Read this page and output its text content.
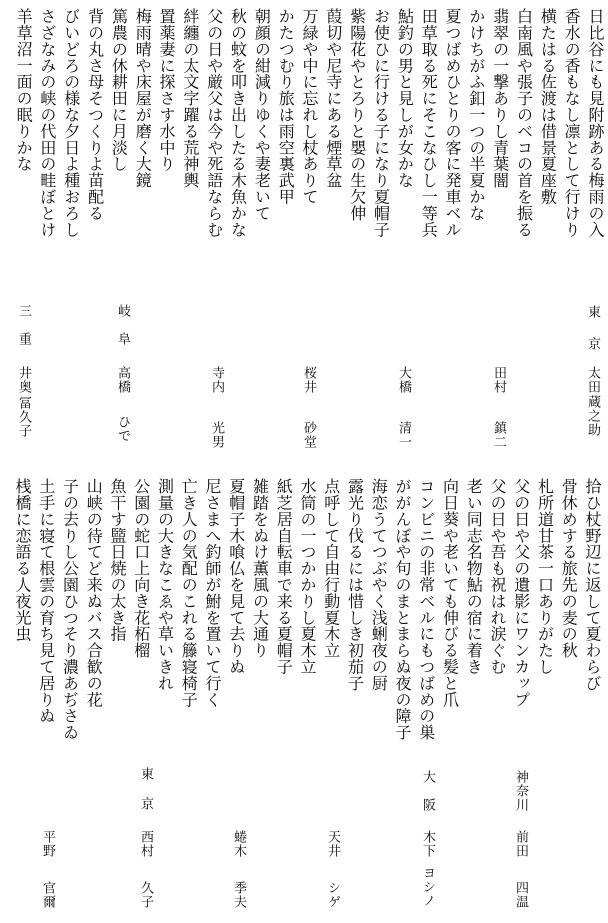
日比谷にも見附跡ある梅雨の入
香水の香もなし凛として行けり
横たはる佐渡は借景夏座敷
白南風や張子のベコの首を振る
翡翠の一撃ありし青葉闇
かけちがふ釦一つの半夏かな
夏つばめひとりの客に発車ベル
田草取る死にそこなひし一等兵
鮎釣の男と見しが女かな
お使ひに行ける子になり夏帽子
紫陽花やとろりと嬰の生欠伸
葭切や尼寺にある煙草盆
万緑や中に忘れし杖ありて
かたつむり旅は雨空裏武甲
朝顔の紺減りゆくや妻老いて
秋の蚊を叩き出したる木魚かな
父の日や厳父は今や死語ならむ
絆纏の太文字躍る荒神輿
置薬妻に探さす水中り
梅雨晴や床屋が磨く大鏡
篤農の休耕田に月淡し
背の丸さ母そつくりよ苗配る
びいどろの様な夕日よ種おろし
さざなみの峡の代田の畦ぼとけ
羊草沼一面の眠りかな
東京
太田
蔵之助
田村
鎮二
大橋
清一
桜井
砂堂
寺内
光男
岐阜
高橋
ひで
三重
井奥
冨久子
拾ひ杖野辺に返して夏わらび
骨休めする旅先の麦の秋
札所道甘茶一口ありがたし
父の日や父の遺影にワンカップ
父の日や吾も祝はれ涙ぐむ
老い同志名物鮎の宿に着き
向日葵や老いても伸びる髪と爪
コンビニの非常ベルにもつばめの巣
ががんぼや句のまとまらぬ夜の障子
海恋うてつぶやく浅蜊夜の厨
露光り伐るには惜しき初茄子
点呼して自由行動夏木立
水筒の一つかかりし夏木立
紙芝居自転車で来る夏帽子
雑踏をぬけ薫風の大通り
夏帽子木喰仏を見て去りぬ
尼さまへ釣師が鮒を置いて行く
亡き人の気配のこれる籐寝椅子
測量の大きなこゑや草いきれ
公園の蛇口上向き花柘榴
魚干す盬日焼の太き指
山峡の待てど来ぬバス合歓の花
子の去りし公園ひつそり濃あぢさゐ
土手に寝て根雲の育ち見て居りぬ
桟橋に恋語る人夜光虫
神奈川
前田
四温
大阪
木下
ヨシノ
天井
シゲ
蜷木
季夫
東京
西村
久子
平野
官爾
